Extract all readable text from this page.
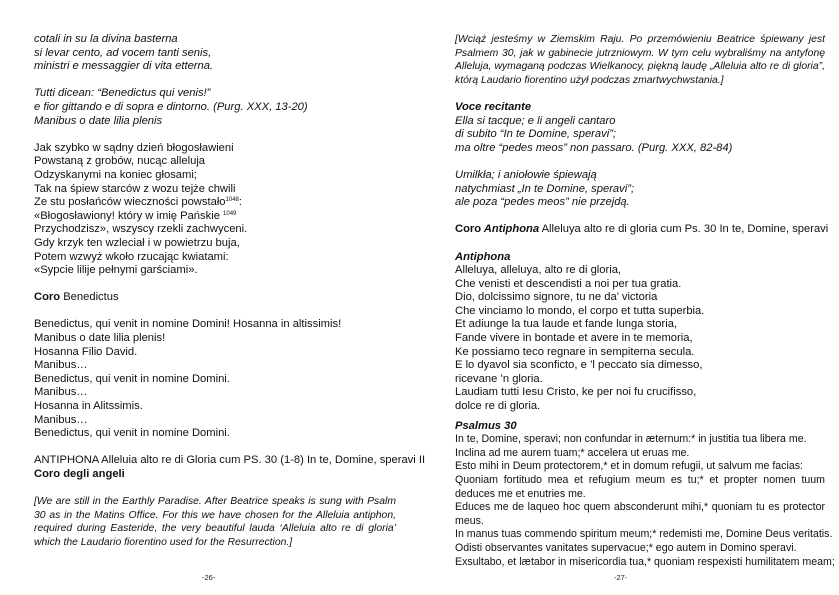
cotali in su la divina basterna
si levar cento, ad vocem tanti senis,
ministri e messaggier di vita etterna.
Tutti dicean: “Benedictus qui venis!”
e fior gittando e di sopra e dintorno. (Purg. XXX, 13-20)
Manibus o date lilia plenis
Jak szybko w sądny dzień błogosławieni
Powstaną z grobów, nucąc alleluja
Odzyskanymi na koniec głosami;
Tak na śpiew starców z wozu tejże chwili
Ze stu posłańców wieczności powstało$^{1048}$:
«Błogosławiony! który w imię Pańskie $^{1049}$
Przychodzisz», wszyscy rzekli zachwyceni.
Gdy krzyk ten wzleciał i w powietrzu buja,
Potem wzwyż wkoło rzucając kwiatami:
«Sypcie lilije pełnymi garściami».
Coro Benedictus
Benedictus, qui venit in nomine Domini! Hosanna in altissimis!
Manibus o date lilia plenis!
Hosanna Filio David.
Manibus…
Benedictus, qui venit in nomine Domini.
Manibus…
Hosanna in Alitssimis.
Manibus…
Benedictus, qui venit in nomine Domini.
ANTIPHONA Alleluia alto re di Gloria cum PS. 30 (1-8) In te, Domine, speravi II
Coro degli angeli
[We are still in the Earthly Paradise. After Beatrice speaks is sung with Psalm 30 as in the Matins Office. For this we have chosen for the Alleluia antiphon, required during Easteride, the very beautiful lauda ‘Alleluia alto re di gloria’ which the Laudario fiorentino used for the Resurrection.]
-26-
[Wciąż jesteśmy w Ziemskim Raju. Po przemówieniu Beatrice śpiewany jest Psalmem 30, jak w gabinecie jutrzniowym. W tym celu wybraliśmy na antyfonę Alleluja, wymaganą podczas Wielkanocy, piękną laudę „Alleluia alto re di gloria”, którą Laudario fiorentino użył podczas zmartwychwstania.]
Voce recitante
Ella si tacque; e li angeli cantaro
di subito “In te Domine, speravi”;
ma oltre “pedes meos” non passaro. (Purg. XXX, 82-84)
Umilkła; i aniołowie śpiewają
natychmiast „In te Domine, speravi”;
ale poza “pedes meos” nie przejdą.
Coro Antiphona Alleluya alto re di gloria cum Ps. 30 In te, Domine, speravi
Antiphona
Alleluya, alleluya, alto re di gloria,
Che venisti et descendisti a noi per tua gratia.
Dio, dolcissimo signore, tu ne da’ victoria
Che vinciamo lo mondo, el corpo et tutta superbia.
Et adiunge la tua laude et fande lunga storia,
Fande vivere in bontade et avere in te memoria,
Ke possiamo teco regnare in sempiterna secula.
E lo dyavol sia sconficto, e ’l peccato sia dimesso,
ricevane ’n gloria.
Laudiam tutti Iesu Cristo, ke per noi fu crucifisso,
dolce re di gloria.
Psalmus 30
In te, Domine, speravi; non confundar in æternum:* in justitia tua libera me.
Inclina ad me aurem tuam;* accelera ut eruas me.
Esto mihi in Deum protectorem,* et in domum refugii, ut salvum me facias:
Quoniam fortitudo mea et refugium meum es tu;* et propter nomen tuum deduces me et enutries me.
Educes me de laqueo hoc quem absconderunt mihi,* quoniam tu es protector meus.
In manus tuas commendo spiritum meum;* redemisti me, Domine Deus veritatis.
Odisti observantes vanitates supervacue;* ego autem in Domino speravi.
Exsultabo, et lætabor in misericordia tua,* quoniam respexisti humilitatem meam;
-27-
